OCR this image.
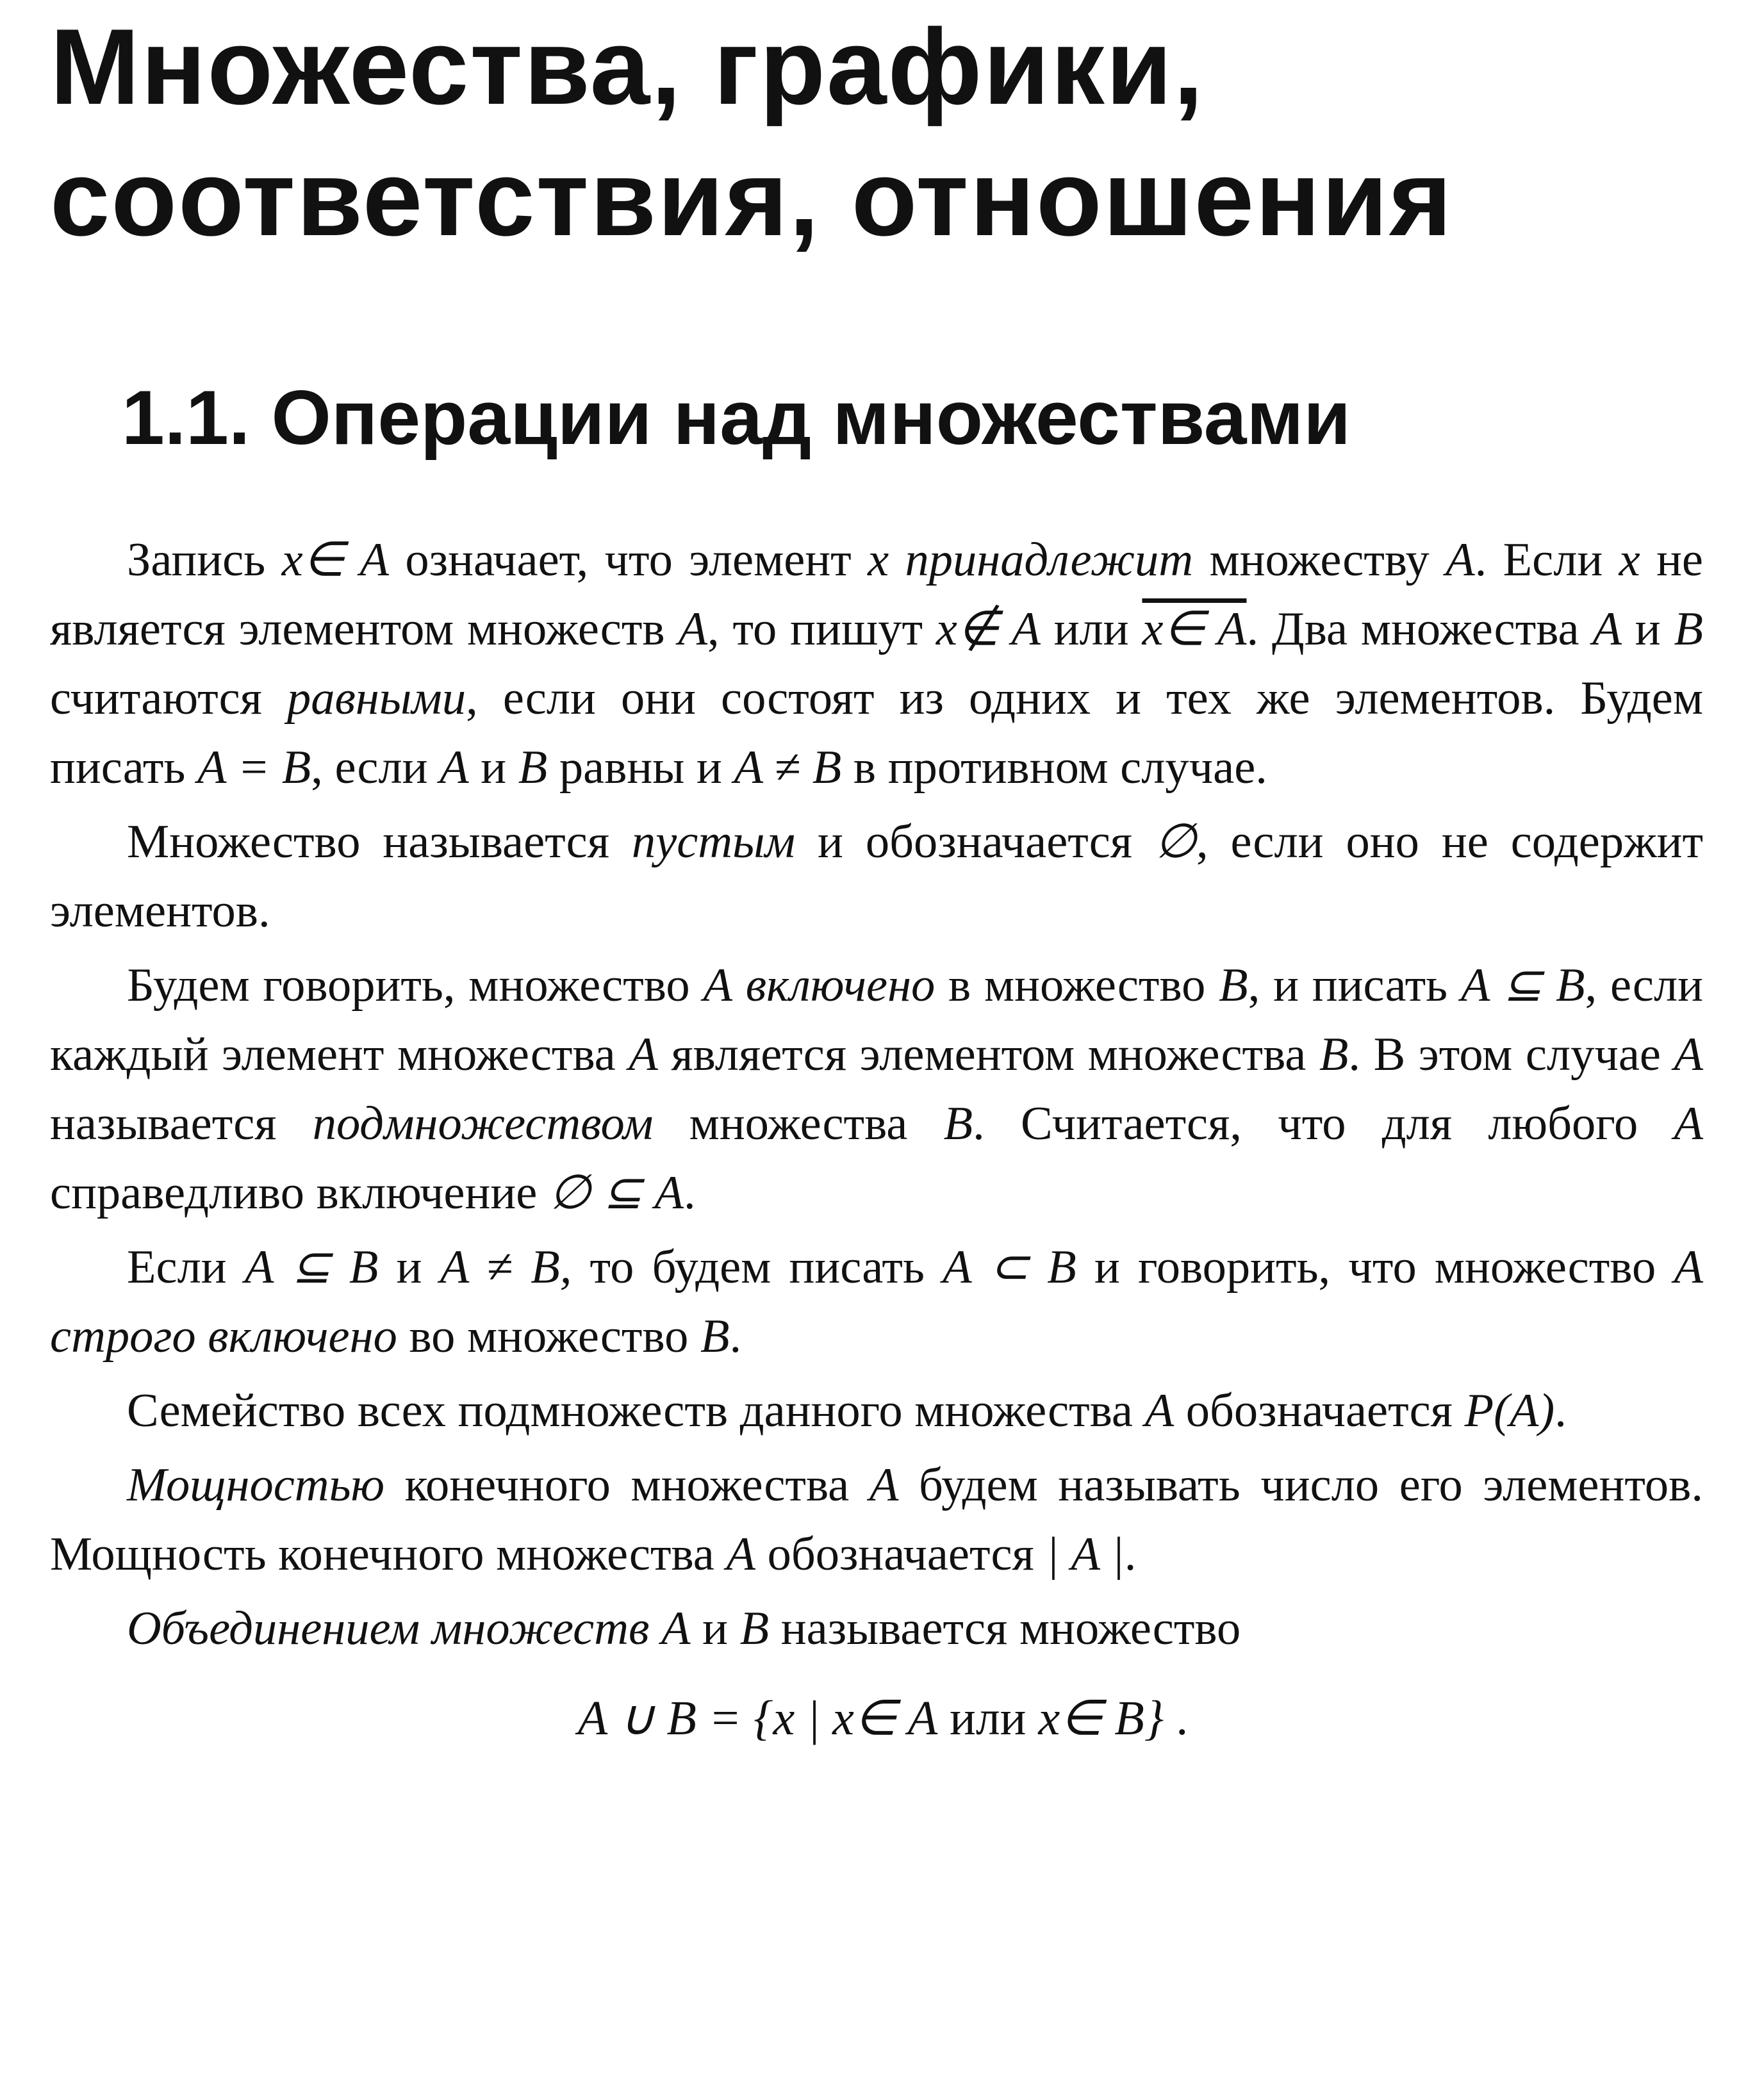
Множества, графики,
соответствия, отношения
1.1. Операции над множествами

Запись x∈ A означает, что элемент x принадлежит множеству A. Если x не является элементом множеств A, то пишут x∉ A или x∈ A. Два множества A и B считаются равными, если они состоят из одних и тех же элементов. Будем писать A = B, если A и B равны и A ≠ B в противном случае.

Множество называется пустым и обозначается ∅, если оно не содержит элементов.

Будем говорить, множество A включено в множество B, и писать A ⊆ B, если каждый элемент множества A является элементом множества B. В этом случае A называется подмножеством множества B. Считается, что для любого A справедливо включение ∅ ⊆ A.

Если A ⊆ B и A ≠ B, то будем писать A ⊂ B и говорить, что множество A строго включено во множество B.

Семейство всех подмножеств данного множества A обозначается P(A).

Мощностью конечного множества A будем называть число его элементов. Мощность конечного множества A обозначается | A |.

Объединением множеств A и B называется множество

A ∪ B = {x | x∈ A или x∈ B} .
